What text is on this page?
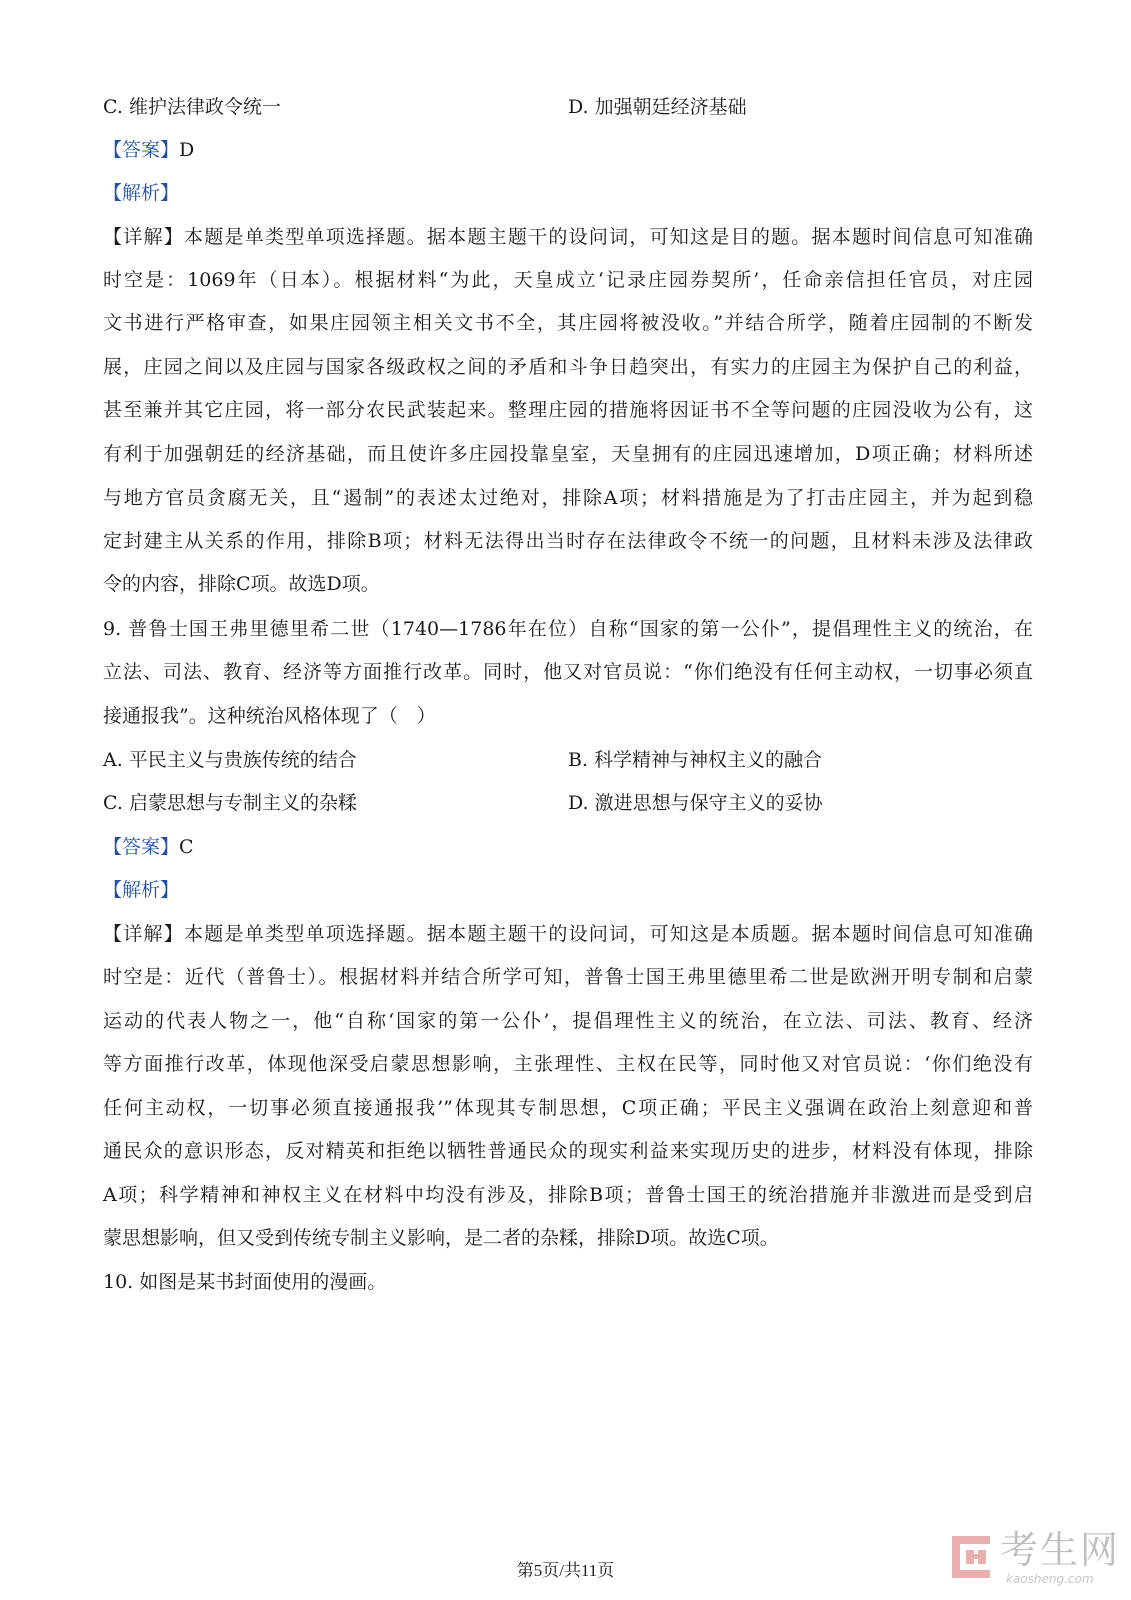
C. 维护法律政令统一	D. 加强朝廷经济基础
【答案】D
【解析】
【详解】本题是单类型单项选择题。据本题主题干的设问词，可知这是目的题。据本题时间信息可知准确
时空是：1069年（日本）。根据材料“为此，天皇成立‘记录庄园券契所’，任命亲信担任官员，对庄园
文书进行严格审查，如果庄园领主相关文书不全，其庄园将被没收。”并结合所学，随着庄园制的不断发
展，庄园之间以及庄园与国家各级政权之间的矛盾和斗争日趋突出，有实力的庄园主为保护自己的利益，
甚至兼并其它庄园，将一部分农民武装起来。整理庄园的措施将因证书不全等问题的庄园没收为公有，这
有利于加强朝廷的经济基础，而且使许多庄园投靠皇室，天皇拥有的庄园迅速增加，D项正确；材料所述
与地方官员贪腐无关，且“遏制”的表述太过绝对，排除A项；材料措施是为了打击庄园主，并为起到稳
定封建主从关系的作用，排除B项；材料无法得出当时存在法律政令不统一的问题，且材料未涉及法律政
令的内容，排除C项。故选D项。
9. 普鲁士国王弗里德里希二世（1740—1786年在位）自称“国家的第一公仆”，提倡理性主义的统治，在
立法、司法、教育、经济等方面推行改革。同时，他又对官员说：“你们绝没有任何主动权，一切事必须直
接通报我”。这种统治风格体现了（　）
A. 平民主义与贵族传统的结合	B. 科学精神与神权主义的融合
C. 启蒙思想与专制主义的杂糅	D. 激进思想与保守主义的妥协
【答案】C
【解析】
【详解】本题是单类型单项选择题。据本题主题干的设问词，可知这是本质题。据本题时间信息可知准确
时空是：近代（普鲁士）。根据材料并结合所学可知，普鲁士国王弗里德里希二世是欧洲开明专制和启蒙
运动的代表人物之一，他“自称‘国家的第一公仆’，提倡理性主义的统治，在立法、司法、教育、经济
等方面推行改革，体现他深受启蒙思想影响，主张理性、主权在民等，同时他又对官员说：‘你们绝没有
任何主动权，一切事必须直接通报我’”体现其专制思想，C项正确；平民主义强调在政治上刻意迎和普
通民众的意识形态，反对精英和拒绝以牺牲普通民众的现实利益来实现历史的进步，材料没有体现，排除
A项；科学精神和神权主义在材料中均没有涉及，排除B项；普鲁士国王的统治措施并非激进而是受到启
蒙思想影响，但又受到传统专制主义影响，是二者的杂糅，排除D项。故选C项。
10. 如图是某书封面使用的漫画。
第5页/共11页	考生网
kaosheng.com
